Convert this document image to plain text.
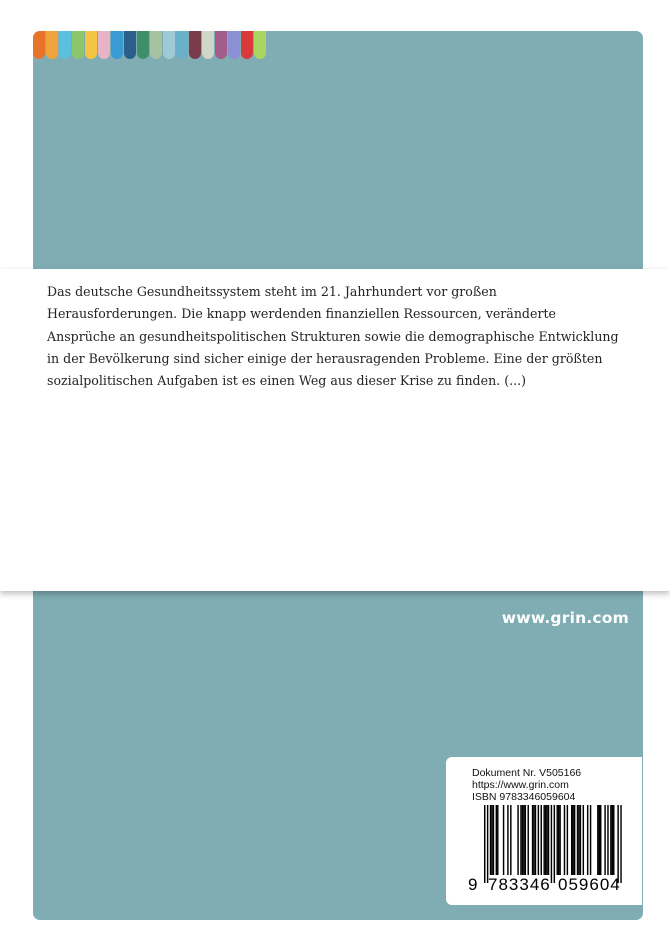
Das deutsche Gesundheitssystem steht im 21. Jahrhundert vor großen Herausforderungen. Die knapp werdenden finanziellen Ressourcen, veränderte Ansprüche an gesundheitspolitischen Strukturen sowie die demographische Entwicklung in der Bevölkerung sind sicher einige der herausragenden Probleme. Eine der größten sozialpolitischen Aufgaben ist es einen Weg aus dieser Krise zu finden. (...)

www.grin.com
Dokument Nr. V505166
https://www.grin.com
ISBN 9783346059604
9 783346 059604
